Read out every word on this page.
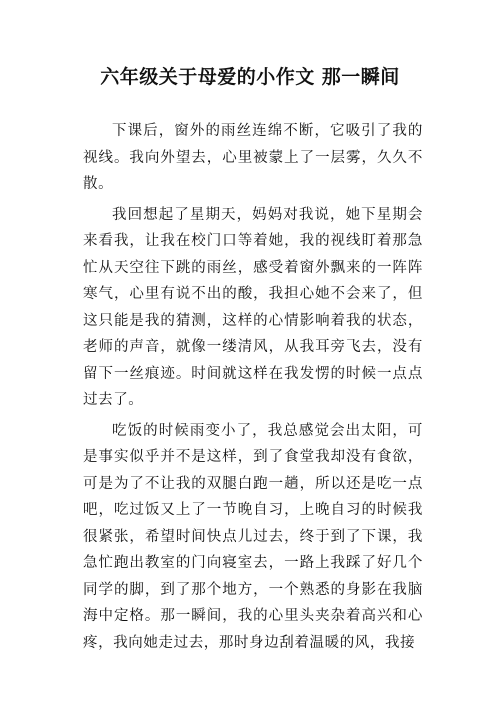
六年级关于母爱的小作文 那一瞬间

下课后，窗外的雨丝连绵不断，它吸引了我的视线。我向外望去，心里被蒙上了一层雾，久久不散。

我回想起了星期天，妈妈对我说，她下星期会来看我，让我在校门口等着她，我的视线盯着那急忙从天空往下跳的雨丝，感受着窗外飘来的一阵阵寒气，心里有说不出的酸，我担心她不会来了，但这只能是我的猜测，这样的心情影响着我的状态，老师的声音，就像一缕清风，从我耳旁飞去，没有留下一丝痕迹。时间就这样在我发愣的时候一点点过去了。

吃饭的时候雨变小了，我总感觉会出太阳，可是事实似乎并不是这样，到了食堂我却没有食欲，可是为了不让我的双腿白跑一趟，所以还是吃一点吧，吃过饭又上了一节晚自习，上晚自习的时候我很紧张，希望时间快点儿过去，终于到了下课，我急忙跑出教室的门向寝室去，一路上我踩了好几个同学的脚，到了那个地方，一个熟悉的身影在我脑海中定格。那一瞬间，我的心里头夹杂着高兴和心疼，我向她走过去，那时身边刮着温暖的风，我接
